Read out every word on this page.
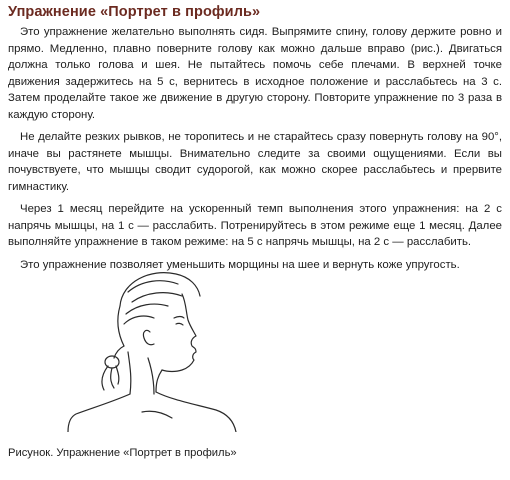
Упражнение «Портрет в профиль»

Это упражнение желательно выполнять сидя. Выпрямите спину, голову держите ровно и прямо. Медленно, плавно поверните голову как можно дальше вправо (рис.). Двигаться должна только голова и шея. Не пытайтесь помочь себе плечами. В верхней точке движения задержитесь на 5 с, вернитесь в исходное положение и расслабьтесь на 3 с. Затем проделайте такое же движение в другую сторону. Повторите упражнение по 3 раза в каждую сторону.

Не делайте резких рывков, не торопитесь и не старайтесь сразу повернуть голову на 90°, иначе вы растянете мышцы. Внимательно следите за своими ощущениями. Если вы почувствуете, что мышцы сводит судорогой, как можно скорее расслабьтесь и прервите гимнастику.

Через 1 месяц перейдите на ускоренный темп выполнения этого упражнения: на 2 с напрячь мышцы, на 1 с — расслабить. Потренируйтесь в этом режиме еще 1 месяц. Далее выполняйте упражнение в таком режиме: на 5 с напрячь мышцы, на 2 с — расслабить.

Это упражнение позволяет уменьшить морщины на шее и вернуть коже упругость.

Рисунок. Упражнение «Портрет в профиль»
